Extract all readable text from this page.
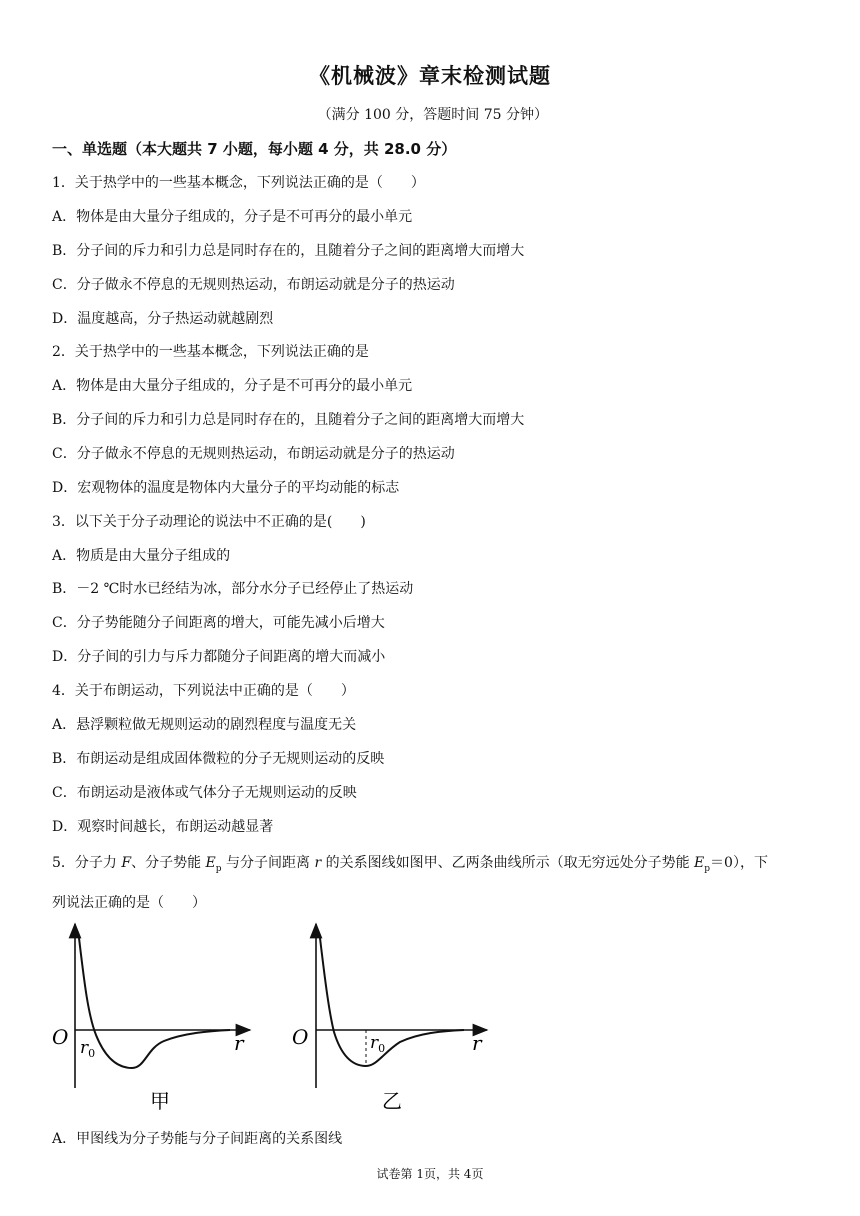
《机械波》章末检测试题
（满分 100 分，答题时间 75 分钟）
一、单选题（本大题共 7 小题，每小题 4 分，共 28.0 分）
1．关于热学中的一些基本概念，下列说法正确的是（　　）
A．物体是由大量分子组成的，分子是不可再分的最小单元
B．分子间的斥力和引力总是同时存在的，且随着分子之间的距离增大而增大
C．分子做永不停息的无规则热运动，布朗运动就是分子的热运动
D．温度越高，分子热运动就越剧烈
2．关于热学中的一些基本概念，下列说法正确的是
A．物体是由大量分子组成的，分子是不可再分的最小单元
B．分子间的斥力和引力总是同时存在的，且随着分子之间的距离增大而增大
C．分子做永不停息的无规则热运动，布朗运动就是分子的热运动
D．宏观物体的温度是物体内大量分子的平均动能的标志
3．以下关于分子动理论的说法中不正确的是(　　)
A．物质是由大量分子组成的
B．－2 ℃时水已经结为冰，部分水分子已经停止了热运动
C．分子势能随分子间距离的增大，可能先减小后增大
D．分子间的引力与斥力都随分子间距离的增大而减小
4．关于布朗运动，下列说法中正确的是（　　）
A．悬浮颗粒做无规则运动的剧烈程度与温度无关
B．布朗运动是组成固体微粒的分子无规则运动的反映
C．布朗运动是液体或气体分子无规则运动的反映
D．观察时间越长，布朗运动越显著
5．分子力 F、分子势能 $E_p$ 与分子间距离 r 的关系图线如图甲、乙两条曲线所示（取无穷远处分子势能 $E_p=0$），下
列说法正确的是（　　）
O $r_0$	r
甲
O	$r_0$	r
乙
A．甲图线为分子势能与分子间距离的关系图线
试卷第 1页，共 4页
